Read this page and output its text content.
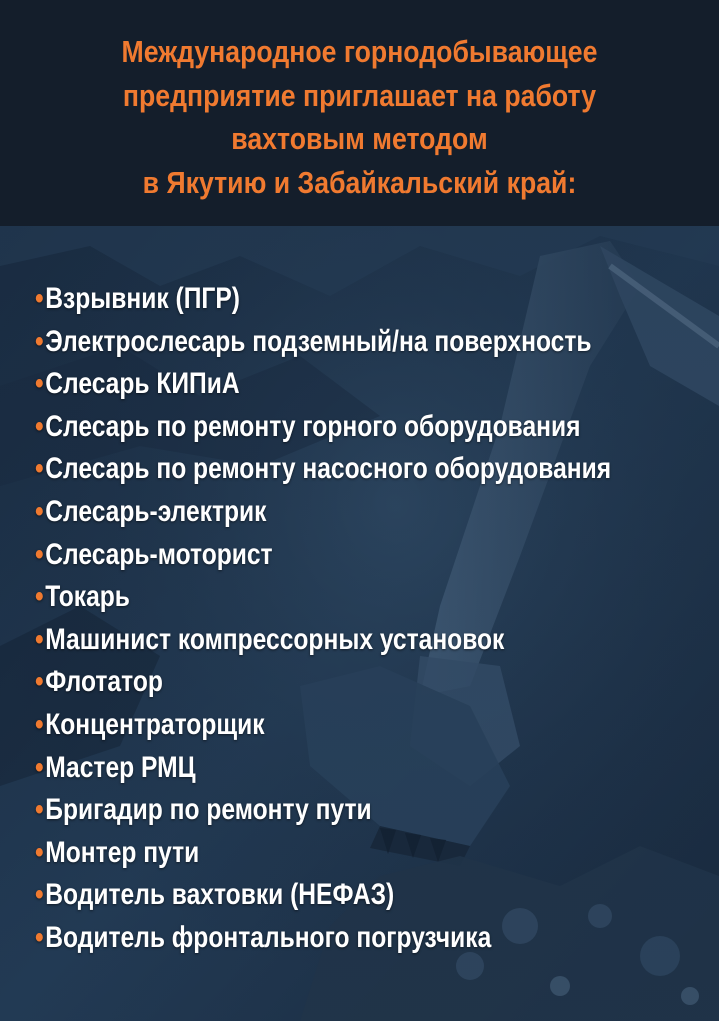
Международное горнодобывающее
предприятие приглашает на работу
вахтовым методом
в Якутию и Забайкальский край:
•Взрывник (ПГР)
•Электрослесарь подземный/на поверхность
•Слесарь КИПиА
•Слесарь по ремонту горного оборудования
•Слесарь по ремонту насосного оборудования
•Слесарь-электрик
•Слесарь-моторист
•Токарь
•Машинист компрессорных установок
•Флотатор
•Концентраторщик
•Мастер РМЦ
•Бригадир по ремонту пути
•Монтер пути
•Водитель вахтовки (НЕФАЗ)
•Водитель фронтального погрузчика
